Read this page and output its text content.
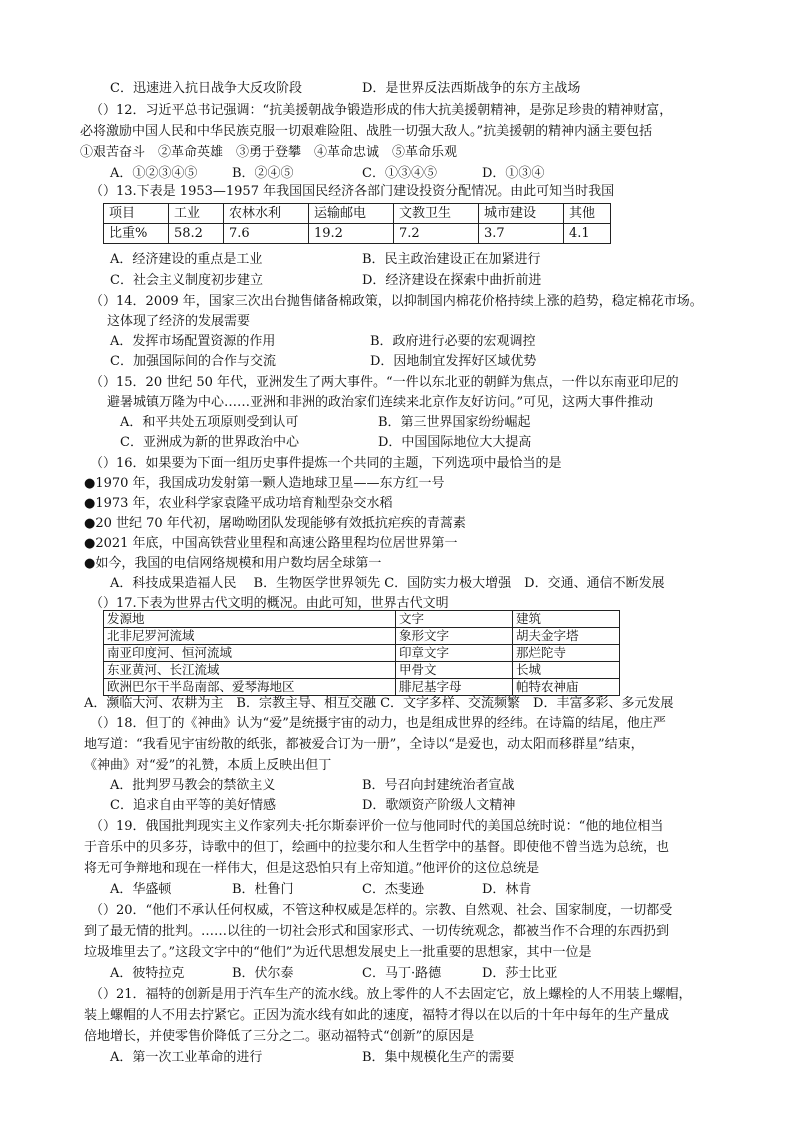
C．迅速进入抗日战争大反攻阶段	D．是世界反法西斯战争的东方主战场
（）12．习近平总书记强调：“抗美援朝战争锻造形成的伟大抗美援朝精神，是弥足珍贵的精神财富，
必将激励中国人民和中华民族克服一切艰难险阻、战胜一切强大敌人。”抗美援朝的精神内涵主要包括
①艰苦奋斗　②革命英雄　③勇于登攀　④革命忠诚　⑤革命乐观
A．①②③④⑤	B．②④⑤	C．①③④⑤	D．①③④
（）13.下表是 1953—1957 年我国国民经济各部门建设投资分配情况。由此可知当时我国
项目	工业	农林水利	运输邮电	文教卫生	城市建设	其他
比重%	58.2	7.6	19.2	7.2	3.7	4.1
A．经济建设的重点是工业	B．民主政治建设正在加紧进行
C．社会主义制度初步建立	D．经济建设在探索中曲折前进
（）14．2009 年，国家三次出台抛售储备棉政策，以抑制国内棉花价格持续上涨的趋势，稳定棉花市场。
这体现了经济的发展需要
A．发挥市场配置资源的作用	B．政府进行必要的宏观调控
C．加强国际间的合作与交流	D．因地制宜发挥好区域优势
（）15．20 世纪 50 年代，亚洲发生了两大事件。“一件以东北亚的朝鲜为焦点，一件以东南亚印尼的
避暑城镇万隆为中心……亚洲和非洲的政治家们连续来北京作友好访问。”可见，这两大事件推动
A．和平共处五项原则受到认可	B．第三世界国家纷纷崛起
C．亚洲成为新的世界政治中心	D．中国国际地位大大提高
（）16．如果要为下面一组历史事件提炼一个共同的主题，下列选项中最恰当的是
●1970 年，我国成功发射第一颗人造地球卫星——东方红一号
●1973 年，农业科学家袁隆平成功培育籼型杂交水稻
●20 世纪 70 年代初，屠呦呦团队发现能够有效抵抗疟疾的青蒿素
●2021 年底，中国高铁营业里程和高速公路里程均位居世界第一
●如今，我国的电信网络规模和用户数均居全球第一
A．科技成果造福人民　 B．生物医学世界领先 C．国防实力极大增强　D．交通、通信不断发展
（）17.下表为世界古代文明的概况。由此可知，世界古代文明
发源地	文字	建筑
北非尼罗河流域	象形文字	胡夫金字塔
南亚印度河、恒河流域	印章文字	那烂陀寺
东亚黄河、长江流域	甲骨文	长城
欧洲巴尔干半岛南部、爱琴海地区	腓尼基字母	帕特农神庙
A．濒临大河、农耕为主　B．宗教主导、相互交融 C．文字多样、交流频繁　D．丰富多彩、多元发展
（）18．但丁的《神曲》认为“爱”是统摄宇宙的动力，也是组成世界的经纬。在诗篇的结尾，他庄严
地写道：“我看见宇宙纷散的纸张，都被爱合订为一册”，全诗以“是爱也，动太阳而移群星”结束，
《神曲》对“爱”的礼赞，本质上反映出但丁
A．批判罗马教会的禁欲主义	B．号召向封建统治者宣战
C．追求自由平等的美好情感	D．歌颂资产阶级人文精神
（）19．俄国批判现实主义作家列夫·托尔斯泰评价一位与他同时代的美国总统时说：“他的地位相当
于音乐中的贝多芬，诗歌中的但丁，绘画中的拉斐尔和人生哲学中的基督。即使他不曾当选为总统，也
将无可争辩地和现在一样伟大，但是这恐怕只有上帝知道。”他评价的这位总统是
A．华盛顿	B．杜鲁门	C．杰斐逊	D．林肯
（）20．“他们不承认任何权威，不管这种权威是怎样的。宗教、自然观、社会、国家制度，一切都受
到了最无情的批判。……以往的一切社会形式和国家形式、一切传统观念，都被当作不合理的东西扔到
垃圾堆里去了。”这段文字中的“他们”为近代思想发展史上一批重要的思想家，其中一位是
A．彼特拉克	B．伏尔泰	C．马丁·路德	D．莎士比亚
（）21．福特的创新是用于汽车生产的流水线。放上零件的人不去固定它，放上螺栓的人不用装上螺帽，
装上螺帽的人不用去拧紧它。正因为流水线有如此的速度，福特才得以在以后的十年中每年的生产量成
倍地增长，并使零售价降低了三分之二。驱动福特式“创新”的原因是
A．第一次工业革命的进行	B．集中规模化生产的需要
